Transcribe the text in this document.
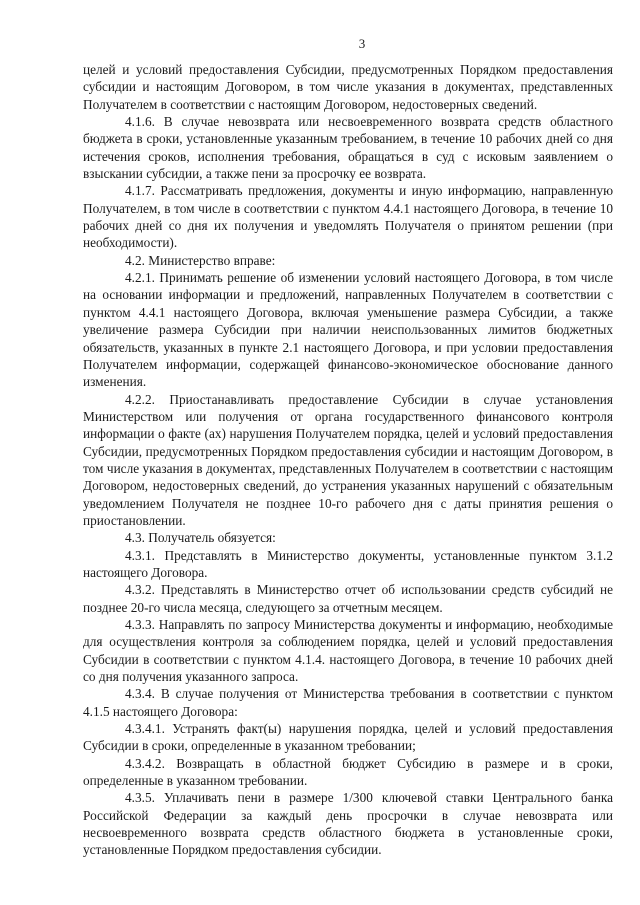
3

целей и условий предоставления Субсидии, предусмотренных Порядком предоставления субсидии и настоящим Договором, в том числе указания в документах, представленных Получателем в соответствии с настоящим Договором, недостоверных сведений.

4.1.6. В случае невозврата или несвоевременного возврата средств областного бюджета в сроки, установленные указанным требованием, в течение 10 рабочих дней со дня истечения сроков, исполнения требования, обращаться в суд с исковым заявлением о взыскании субсидии, а также пени за просрочку ее возврата.

4.1.7. Рассматривать предложения, документы и иную информацию, направленную Получателем, в том числе в соответствии с пунктом 4.4.1 настоящего Договора, в течение 10 рабочих дней со дня их получения и уведомлять Получателя о принятом решении (при необходимости).

4.2. Министерство вправе:

4.2.1. Принимать решение об изменении условий настоящего Договора, в том числе на основании информации и предложений, направленных Получателем в соответствии с пунктом 4.4.1 настоящего Договора, включая уменьшение размера Субсидии, а также увеличение размера Субсидии при наличии неиспользованных лимитов бюджетных обязательств, указанных в пункте 2.1 настоящего Договора, и при условии предоставления Получателем информации, содержащей финансово-экономическое обоснование данного изменения.

4.2.2. Приостанавливать предоставление Субсидии в случае установления Министерством или получения от органа государственного финансового контроля информации о факте (ах) нарушения Получателем порядка, целей и условий предоставления Субсидии, предусмотренных Порядком предоставления субсидии и настоящим Договором, в том числе указания в документах, представленных Получателем в соответствии с настоящим Договором, недостоверных сведений, до устранения указанных нарушений с обязательным уведомлением Получателя не позднее 10-го рабочего дня с даты принятия решения о приостановлении.

4.3. Получатель обязуется:

4.3.1. Представлять в Министерство документы, установленные пунктом 3.1.2 настоящего Договора.

4.3.2. Представлять в Министерство отчет об использовании средств субсидий не позднее 20-го числа месяца, следующего за отчетным месяцем.

4.3.3. Направлять по запросу Министерства документы и информацию, необходимые для осуществления контроля за соблюдением порядка, целей и условий предоставления Субсидии в соответствии с пунктом 4.1.4. настоящего Договора, в течение 10 рабочих дней со дня получения указанного запроса.

4.3.4. В случае получения от Министерства требования в соответствии с пунктом 4.1.5 настоящего Договора:

4.3.4.1. Устранять факт(ы) нарушения порядка, целей и условий предоставления Субсидии в сроки, определенные в указанном требовании;

4.3.4.2. Возвращать в областной бюджет Субсидию в размере и в сроки, определенные в указанном требовании.

4.3.5. Уплачивать пени в размере 1/300 ключевой ставки Центрального банка Российской Федерации за каждый день просрочки в случае невозврата или несвоевременного возврата средств областного бюджета в установленные сроки, установленные Порядком предоставления субсидии.
